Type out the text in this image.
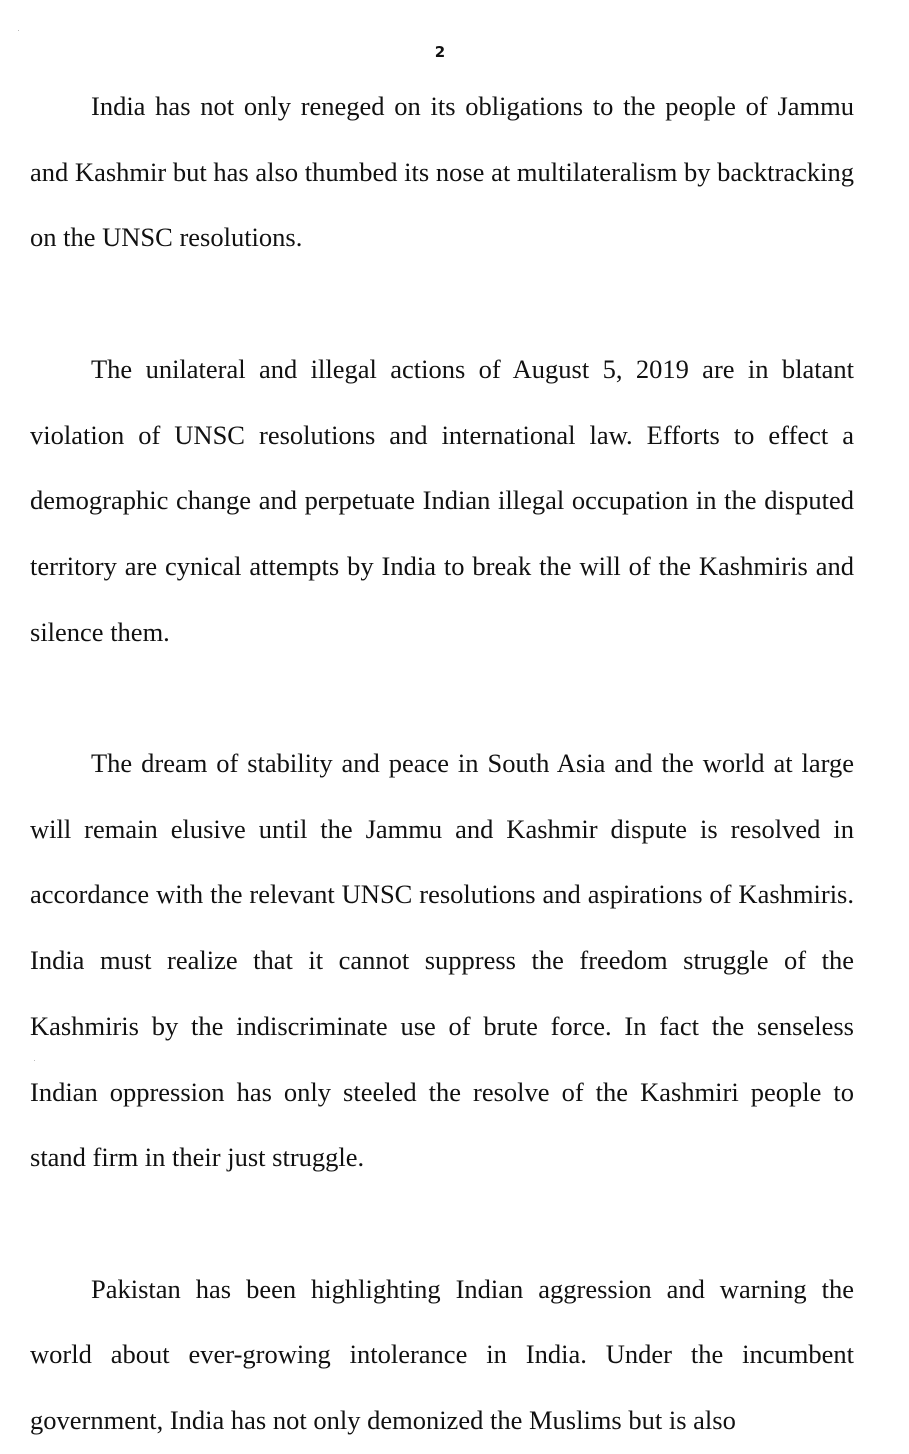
2

India has not only reneged on its obligations to the people of Jammu and Kashmir but has also thumbed its nose at multilateralism by backtracking on the UNSC resolutions.

The unilateral and illegal actions of August 5, 2019 are in blatant violation of UNSC resolutions and international law. Efforts to effect a demographic change and perpetuate Indian illegal occupation in the disputed territory are cynical attempts by India to break the will of the Kashmiris and silence them.

The dream of stability and peace in South Asia and the world at large will remain elusive until the Jammu and Kashmir dispute is resolved in accordance with the relevant UNSC resolutions and aspirations of Kashmiris. India must realize that it cannot suppress the freedom struggle of the Kashmiris by the indiscriminate use of brute force. In fact the senseless Indian oppression has only steeled the resolve of the Kashmiri people to stand firm in their just struggle.

Pakistan has been highlighting Indian aggression and warning the world about ever-growing intolerance in India. Under the incumbent government, India has not only demonized the Muslims but is also
